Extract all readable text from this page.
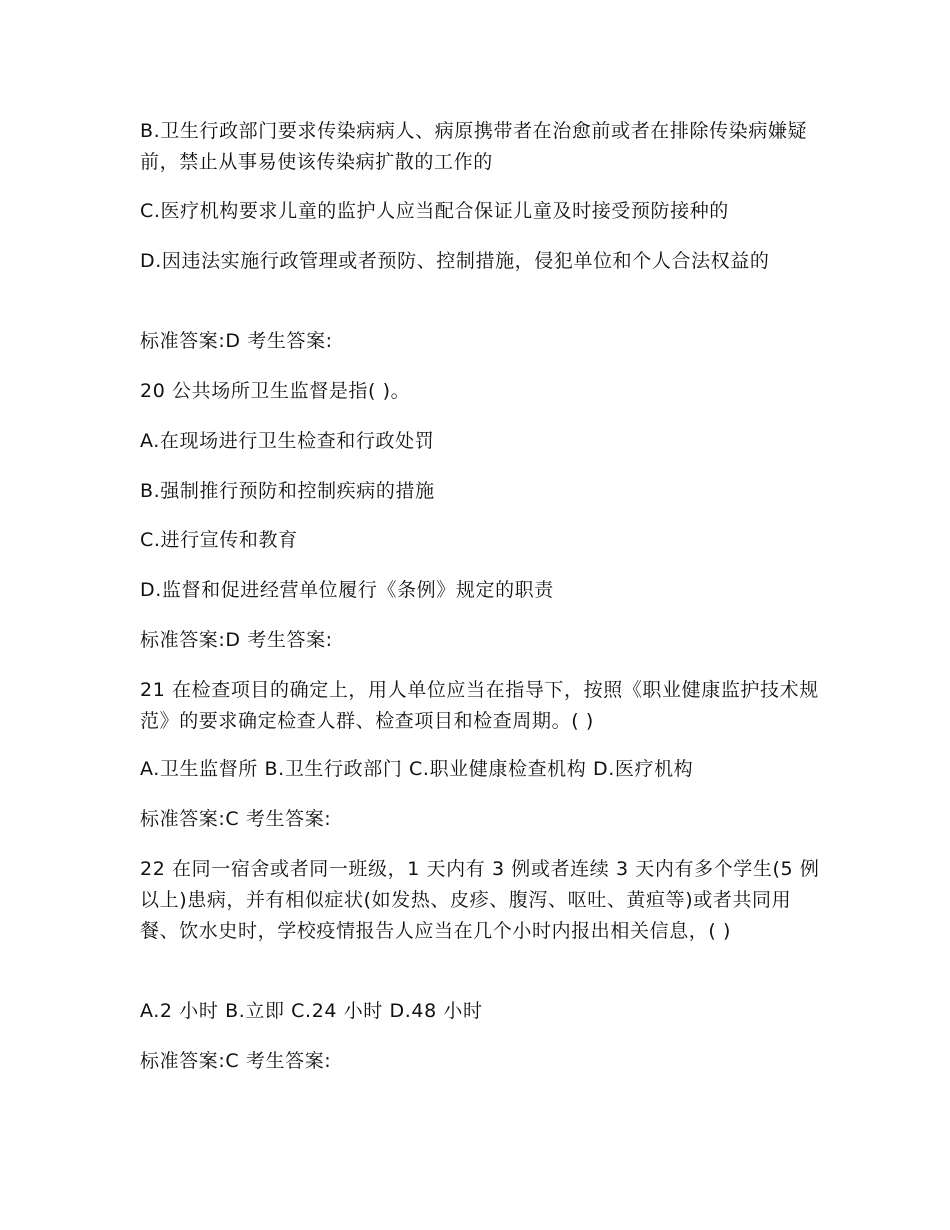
B.卫生行政部门要求传染病病人、病原携带者在治愈前或者在排除传染病嫌疑前，禁止从事易使该传染病扩散的工作的

C.医疗机构要求儿童的监护人应当配合保证儿童及时接受预防接种的

D.因违法实施行政管理或者预防、控制措施，侵犯单位和个人合法权益的

标准答案:D 考生答案:

20 公共场所卫生监督是指( )。

A.在现场进行卫生检查和行政处罚

B.强制推行预防和控制疾病的措施

C.进行宣传和教育

D.监督和促进经营单位履行《条例》规定的职责

标准答案:D 考生答案:

21 在检查项目的确定上，用人单位应当在指导下，按照《职业健康监护技术规范》的要求确定检查人群、检查项目和检查周期。( )

A.卫生监督所 B.卫生行政部门 C.职业健康检查机构 D.医疗机构

标准答案:C 考生答案:

22 在同一宿舍或者同一班级，1 天内有 3 例或者连续 3 天内有多个学生(5 例以上)患病，并有相似症状(如发热、皮疹、腹泻、呕吐、黄疸等)或者共同用餐、饮水史时，学校疫情报告人应当在几个小时内报出相关信息，( )

A.2 小时 B.立即 C.24 小时 D.48 小时

标准答案:C 考生答案:
